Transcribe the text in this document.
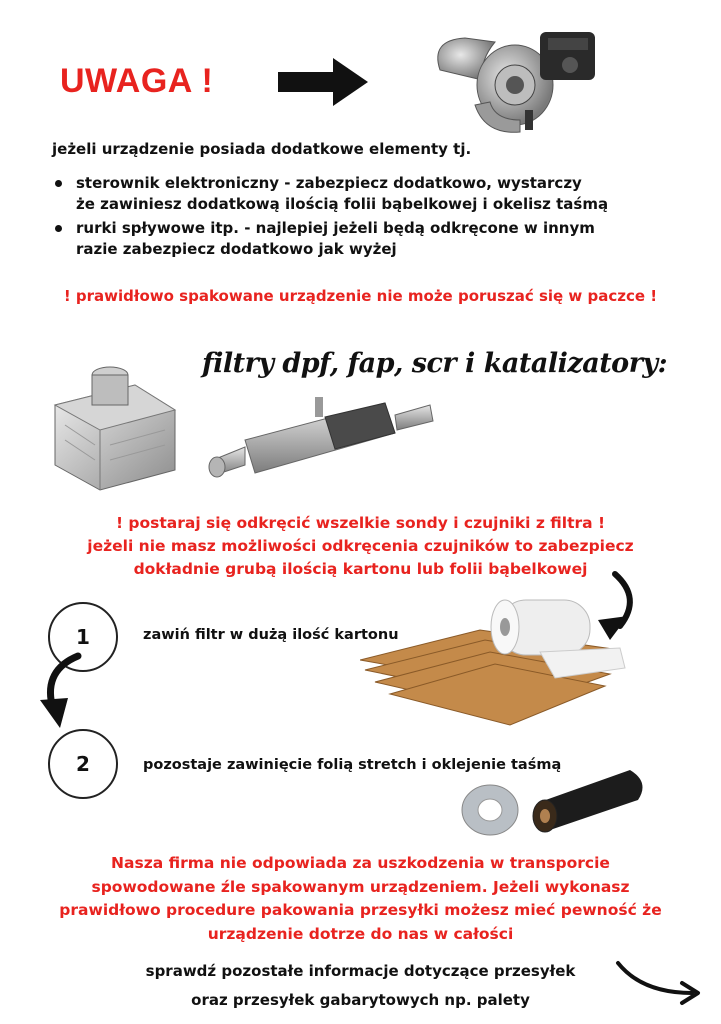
UWAGA !
jeżeli urządzenie posiada dodatkowe elementy tj.
sterownik elektroniczny - zabezpiecz dodatkowo, wystarczy
że zawiniesz dodatkową ilością folii bąbelkowej i okelisz taśmą
rurki spływowe itp. - najlepiej jeżeli będą odkręcone w innym
razie zabezpiecz dodatkowo jak wyżej
! prawidłowo spakowane urządzenie nie może poruszać się w paczce !
filtry dpf, fap, scr i katalizatory:
! postaraj się odkręcić wszelkie sondy i czujniki z filtra !
jeżeli nie masz możliwości odkręcenia czujników to zabezpiecz
dokładnie grubą ilością kartonu lub folii bąbelkowej
1	zawiń filtr w dużą ilość kartonu
2	pozostaje zawinięcie folią stretch i oklejenie taśmą
Nasza firma nie odpowiada za uszkodzenia w transporcie
spowodowane źle spakowanym urządzeniem. Jeżeli wykonasz
prawidłowo procedure pakowania przesyłki możesz mieć pewność że
urządzenie dotrze do nas w całości
sprawdź pozostałe informacje dotyczące przesyłek
oraz przesyłek gabarytowych np. palety
